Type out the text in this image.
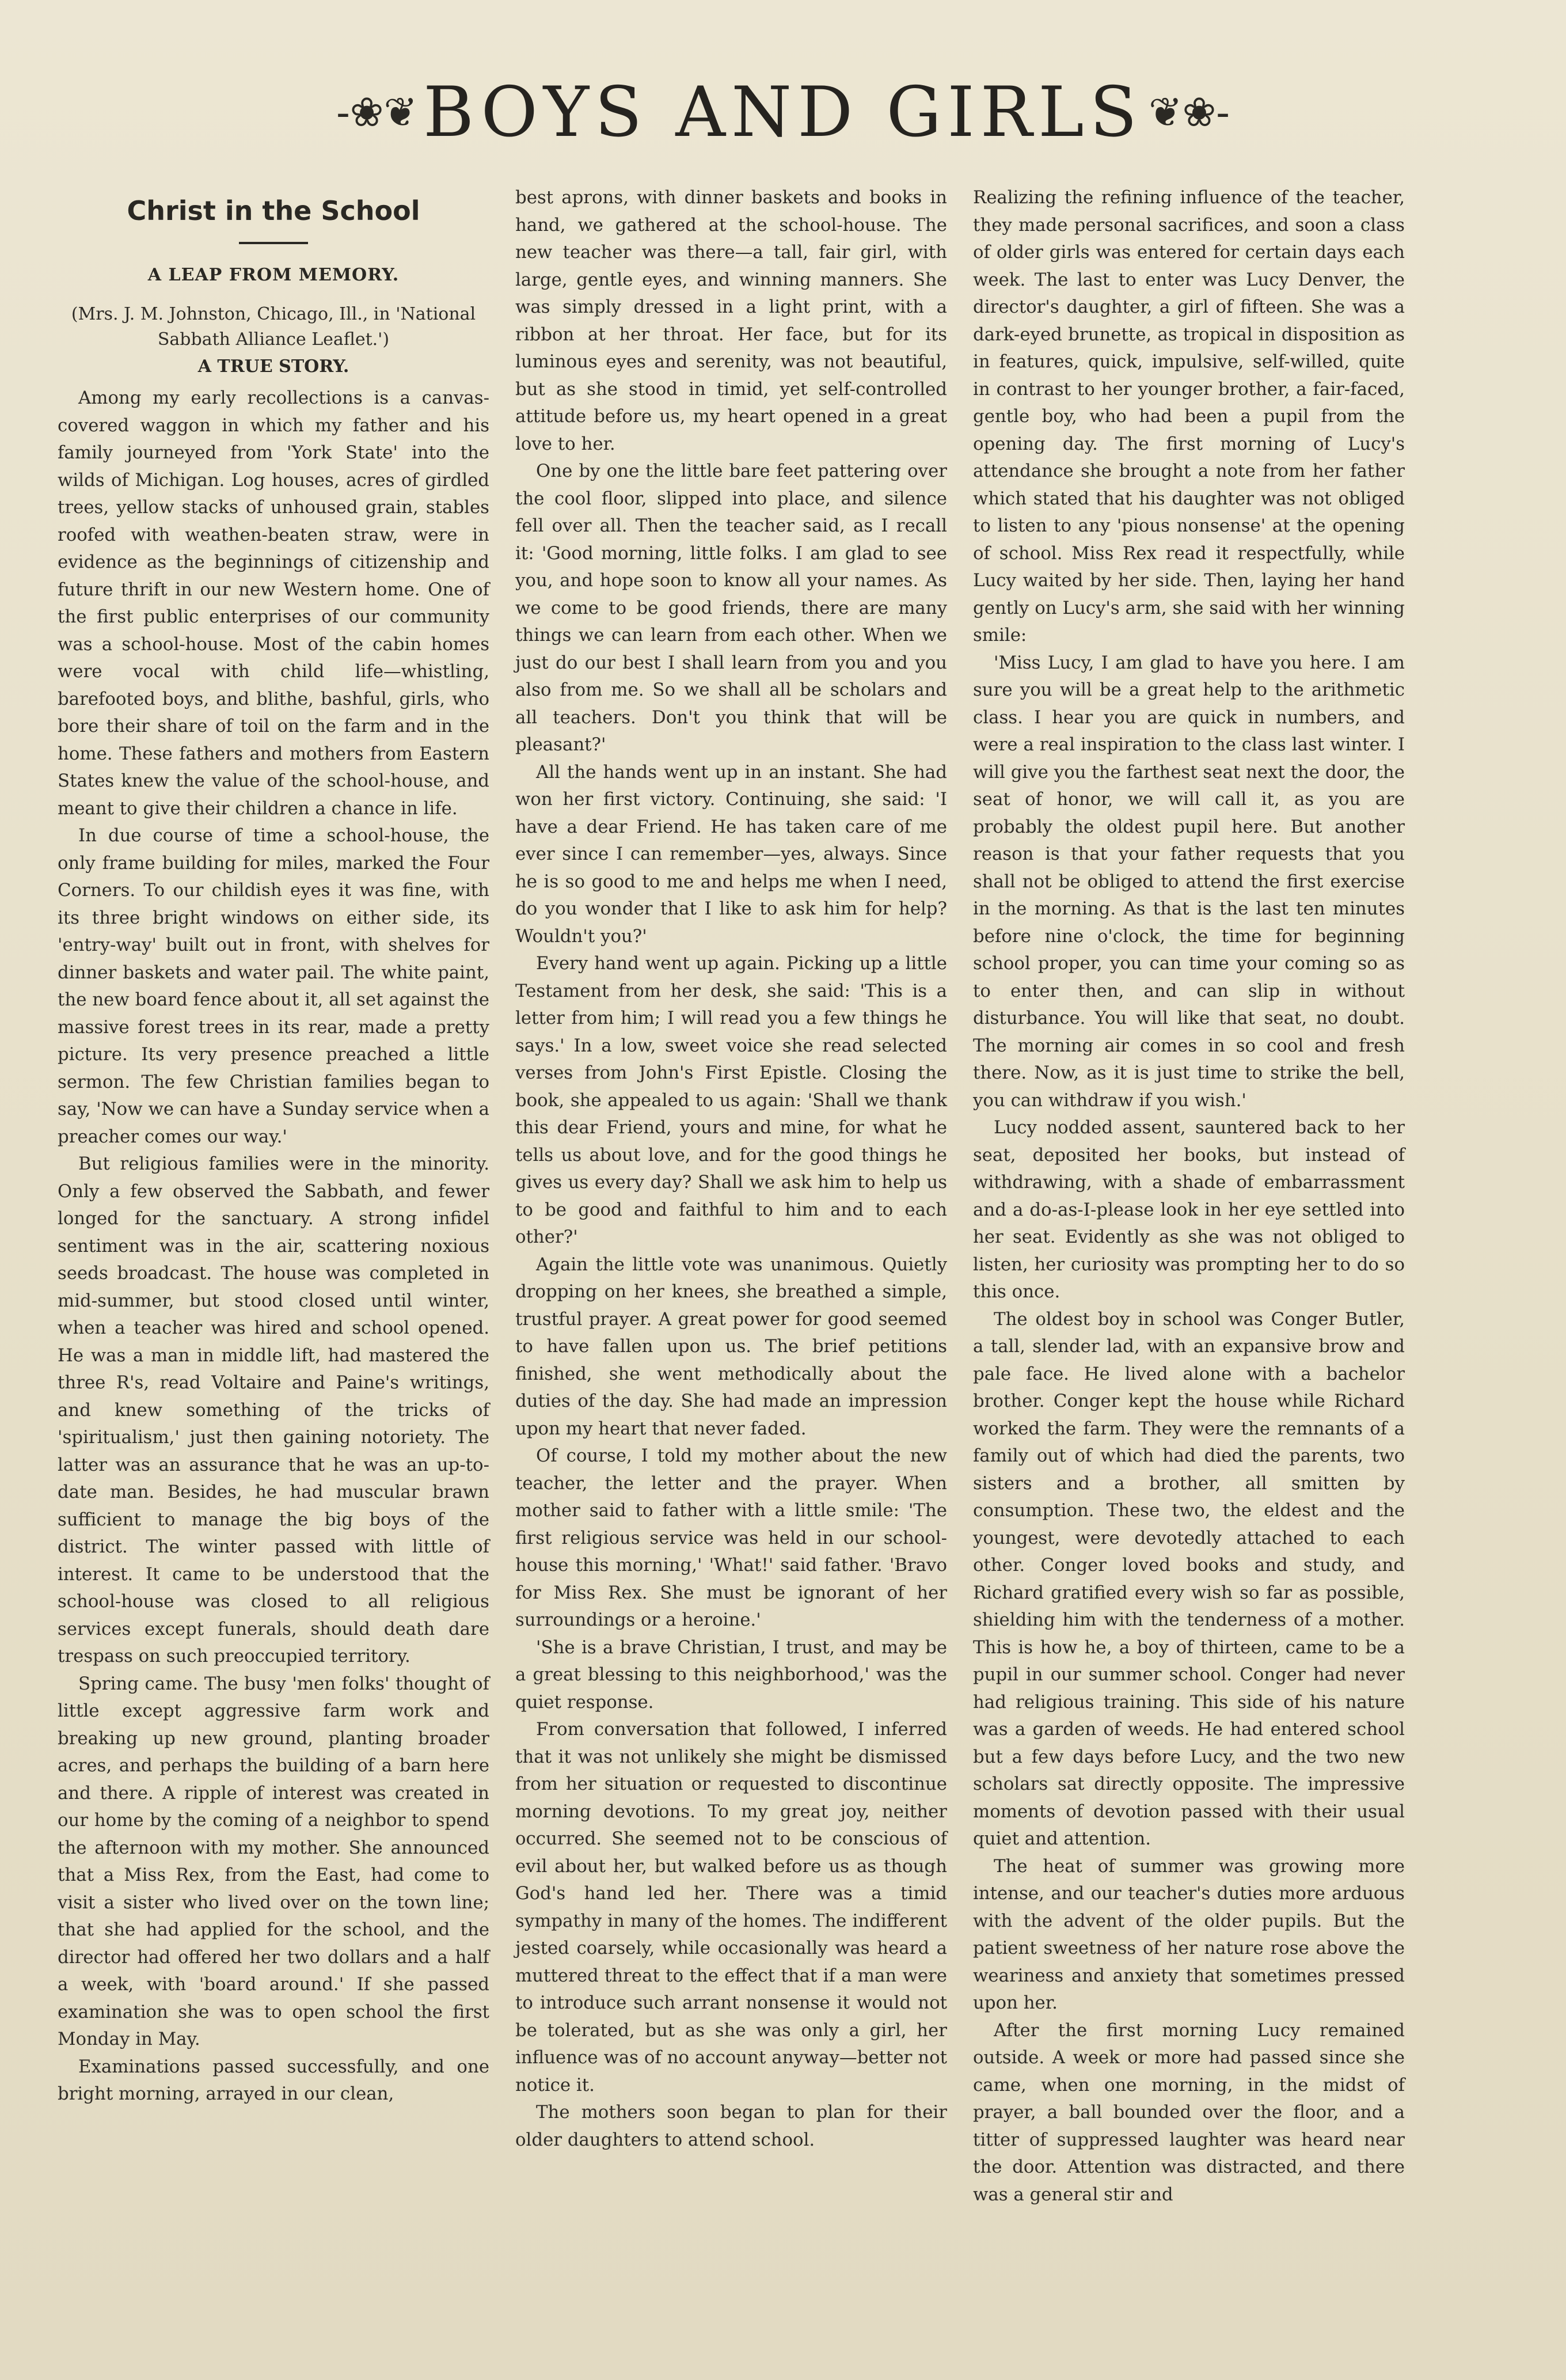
-❀❦ BOYS AND GIRLS ❦❀-
Christ in the School
A LEAP FROM MEMORY.
(Mrs. J. M. Johnston, Chicago, Ill., in 'National Sabbath Alliance Leaflet.')
A TRUE STORY.

Among my early recollections is a canvas-covered waggon in which my father and his family journeyed from 'York State' into the wilds of Michigan. Log houses, acres of girdled trees, yellow stacks of unhoused grain, stables roofed with weathen-beaten straw, were in evidence as the beginnings of citizenship and future thrift in our new Western home. One of the first public enterprises of our community was a school-house. Most of the cabin homes were vocal with child life—whistling, barefooted boys, and blithe, bashful, girls, who bore their share of toil on the farm and in the home. These fathers and mothers from Eastern States knew the value of the school-house, and meant to give their children a chance in life.

In due course of time a school-house, the only frame building for miles, marked the Four Corners. To our childish eyes it was fine, with its three bright windows on either side, its 'entry-way' built out in front, with shelves for dinner baskets and water pail. The white paint, the new board fence about it, all set against the massive forest trees in its rear, made a pretty picture. Its very presence preached a little sermon. The few Christian families began to say, 'Now we can have a Sunday service when a preacher comes our way.'

But religious families were in the minority. Only a few observed the Sabbath, and fewer longed for the sanctuary. A strong infidel sentiment was in the air, scattering noxious seeds broadcast. The house was completed in mid-summer, but stood closed until winter, when a teacher was hired and school opened. He was a man in middle lift, had mastered the three R's, read Voltaire and Paine's writings, and knew something of the tricks of 'spiritualism,' just then gaining notoriety. The latter was an assurance that he was an up-to-date man. Besides, he had muscular brawn sufficient to manage the big boys of the district. The winter passed with little of interest. It came to be understood that the school-house was closed to all religious services except funerals, should death dare trespass on such preoccupied territory.

Spring came. The busy 'men folks' thought of little except aggressive farm work and breaking up new ground, planting broader acres, and perhaps the building of a barn here and there. A ripple of interest was created in our home by the coming of a neighbor to spend the afternoon with my mother. She announced that a Miss Rex, from the East, had come to visit a sister who lived over on the town line; that she had applied for the school, and the director had offered her two dollars and a half a week, with 'board around.' If she passed examination she was to open school the first Monday in May.

Examinations passed successfully, and one bright morning, arrayed in our clean,

best aprons, with dinner baskets and books in hand, we gathered at the school-house. The new teacher was there—a tall, fair girl, with large, gentle eyes, and winning manners. She was simply dressed in a light print, with a ribbon at her throat. Her face, but for its luminous eyes and serenity, was not beautiful, but as she stood in timid, yet self-controlled attitude before us, my heart opened in a great love to her.

One by one the little bare feet pattering over the cool floor, slipped into place, and silence fell over all. Then the teacher said, as I recall it: 'Good morning, little folks. I am glad to see you, and hope soon to know all your names. As we come to be good friends, there are many things we can learn from each other. When we just do our best I shall learn from you and you also from me. So we shall all be scholars and all teachers. Don't you think that will be pleasant?'

All the hands went up in an instant. She had won her first victory. Continuing, she said: 'I have a dear Friend. He has taken care of me ever since I can remember—yes, always. Since he is so good to me and helps me when I need, do you wonder that I like to ask him for help? Wouldn't you?'

Every hand went up again. Picking up a little Testament from her desk, she said: 'This is a letter from him; I will read you a few things he says.' In a low, sweet voice she read selected verses from John's First Epistle. Closing the book, she appealed to us again: 'Shall we thank this dear Friend, yours and mine, for what he tells us about love, and for the good things he gives us every day? Shall we ask him to help us to be good and faithful to him and to each other?'

Again the little vote was unanimous. Quietly dropping on her knees, she breathed a simple, trustful prayer. A great power for good seemed to have fallen upon us. The brief petitions finished, she went methodically about the duties of the day. She had made an impression upon my heart that never faded.

Of course, I told my mother about the new teacher, the letter and the prayer. When mother said to father with a little smile: 'The first religious service was held in our school-house this morning,' 'What!' said father. 'Bravo for Miss Rex. She must be ignorant of her surroundings or a heroine.'

'She is a brave Christian, I trust, and may be a great blessing to this neighborhood,' was the quiet response.

From conversation that followed, I inferred that it was not unlikely she might be dismissed from her situation or requested to discontinue morning devotions. To my great joy, neither occurred. She seemed not to be conscious of evil about her, but walked before us as though God's hand led her. There was a timid sympathy in many of the homes. The indifferent jested coarsely, while occasionally was heard a muttered threat to the effect that if a man were to introduce such arrant nonsense it would not be tolerated, but as she was only a girl, her influence was of no account anyway—better not notice it.

The mothers soon began to plan for their older daughters to attend school.

Realizing the refining influence of the teacher, they made personal sacrifices, and soon a class of older girls was entered for certain days each week. The last to enter was Lucy Denver, the director's daughter, a girl of fifteen. She was a dark-eyed brunette, as tropical in disposition as in features, quick, impulsive, self-willed, quite in contrast to her younger brother, a fair-faced, gentle boy, who had been a pupil from the opening day. The first morning of Lucy's attendance she brought a note from her father which stated that his daughter was not obliged to listen to any 'pious nonsense' at the opening of school. Miss Rex read it respectfully, while Lucy waited by her side. Then, laying her hand gently on Lucy's arm, she said with her winning smile:

'Miss Lucy, I am glad to have you here. I am sure you will be a great help to the arithmetic class. I hear you are quick in numbers, and were a real inspiration to the class last winter. I will give you the farthest seat next the door, the seat of honor, we will call it, as you are probably the oldest pupil here. But another reason is that your father requests that you shall not be obliged to attend the first exercise in the morning. As that is the last ten minutes before nine o'clock, the time for beginning school proper, you can time your coming so as to enter then, and can slip in without disturbance. You will like that seat, no doubt. The morning air comes in so cool and fresh there. Now, as it is just time to strike the bell, you can withdraw if you wish.'

Lucy nodded assent, sauntered back to her seat, deposited her books, but instead of withdrawing, with a shade of embarrassment and a do-as-I-please look in her eye settled into her seat. Evidently as she was not obliged to listen, her curiosity was prompting her to do so this once.

The oldest boy in school was Conger Butler, a tall, slender lad, with an expansive brow and pale face. He lived alone with a bachelor brother. Conger kept the house while Richard worked the farm. They were the remnants of a family out of which had died the parents, two sisters and a brother, all smitten by consumption. These two, the eldest and the youngest, were devotedly attached to each other. Conger loved books and study, and Richard gratified every wish so far as possible, shielding him with the tenderness of a mother. This is how he, a boy of thirteen, came to be a pupil in our summer school. Conger had never had religious training. This side of his nature was a garden of weeds. He had entered school but a few days before Lucy, and the two new scholars sat directly opposite. The impressive moments of devotion passed with their usual quiet and attention.

The heat of summer was growing more intense, and our teacher's duties more arduous with the advent of the older pupils. But the patient sweetness of her nature rose above the weariness and anxiety that sometimes pressed upon her.

After the first morning Lucy remained outside. A week or more had passed since she came, when one morning, in the midst of prayer, a ball bounded over the floor, and a titter of suppressed laughter was heard near the door. Attention was distracted, and there was a general stir and
